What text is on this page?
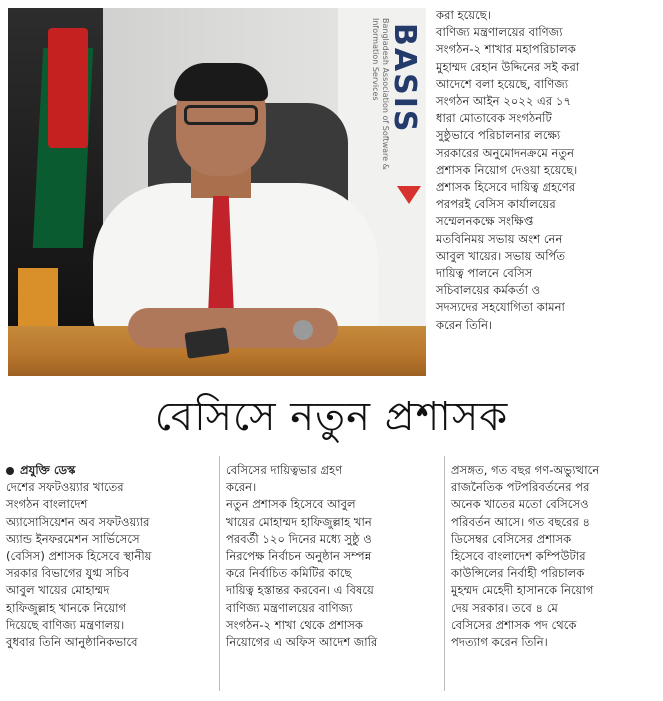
Bangladesh Association of Software & Information Services BASIS
করা হয়েছে।
বাণিজ্য মন্ত্রণালয়ের বাণিজ্য
সংগঠন-২ শাখার মহাপরিচালক
মুহাম্মদ রেহান উদ্দিনের সই করা
আদেশে বলা হয়েছে, বাণিজ্য
সংগঠন আইন ২০২২ এর ১৭
ধারা মোতাবেক সংগঠনটি
সুষ্ঠুভাবে পরিচালনার লক্ষ্যে
সরকারের অনুমোদনক্রমে নতুন
প্রশাসক নিয়োগ দেওয়া হয়েছে।
প্রশাসক হিসেবে দায়িত্ব গ্রহণের
পরপরই বেসিস কার্যালয়ের
সম্মেলনকক্ষে সংক্ষিপ্ত
মতবিনিময় সভায় অংশ নেন
আবুল খায়ের। সভায় অর্পিত
দায়িত্ব পালনে বেসিস
সচিবালয়ের কর্মকর্তা ও
সদস্যদের সহযোগিতা কামনা
করেন তিনি।
বেসিসে নতুন প্রশাসক
প্রযুক্তি ডেস্ক
দেশের সফটওয়্যার খাতের
সংগঠন বাংলাদেশ
অ্যাসোসিয়েশন অব সফটওয়্যার
অ্যান্ড ইনফরমেশন সার্ভিসেসে
(বেসিস) প্রশাসক হিসেবে স্থানীয়
সরকার বিভাগের যুগ্ম সচিব
আবুল খায়ের মোহাম্মদ
হাফিজুল্লাহ খানকে নিয়োগ
দিয়েছে বাণিজ্য মন্ত্রণালয়।
বুধবার তিনি আনুষ্ঠানিকভাবে
বেসিসের দায়িত্বভার গ্রহণ
করেন।
নতুন প্রশাসক হিসেবে আবুল
খায়ের মোহাম্মদ হাফিজুল্লাহ খান
পরবর্তী ১২০ দিনের মধ্যে সুষ্ঠু ও
নিরপেক্ষ নির্বাচন অনুষ্ঠান সম্পন্ন
করে নির্বাচিত কমিটির কাছে
দায়িত্ব হস্তান্তর করবেন। এ বিষয়ে
বাণিজ্য মন্ত্রণালয়ের বাণিজ্য
সংগঠন-২ শাখা থেকে প্রশাসক
নিয়োগের এ অফিস আদেশ জারি
প্রসঙ্গত, গত বছর গণ-অভ্যুত্থানে
রাজনৈতিক পটপরিবর্তনের পর
অনেক খাতের মতো বেসিসেও
পরিবর্তন আসে। গত বছরের ৪
ডিসেম্বর বেসিসের প্রশাসক
হিসেবে বাংলাদেশ কম্পিউটার
কাউন্সিলের নির্বাহী পরিচালক
মুহম্মদ মেহেদী হাসানকে নিয়োগ
দেয় সরকার। তবে ৪ মে
বেসিসের প্রশাসক পদ থেকে
পদত্যাগ করেন তিনি।
